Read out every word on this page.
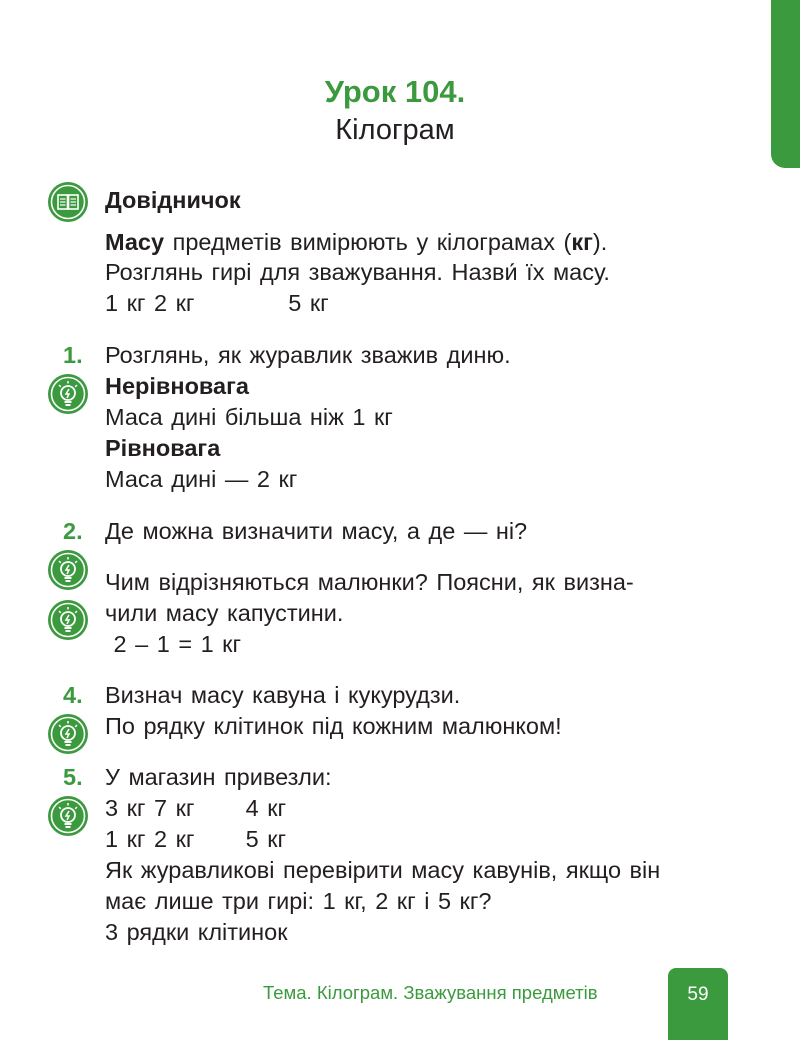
Урок 104.
Кілограм
Довідничок
Масу предметів вимірюють у кілограмах (кг).
Розглянь гирі для зважування. Назви́ їх масу.
1 кг 2 кг           5 кг
1. Розглянь, як журавлик зважив диню.
Нерівновага
Маса дині більша ніж 1 кг
Рівновага
Маса дині — 2 кг
2. Де можна визначити масу, а де — ні?
Чим відрізняються малюнки? Поясни, як визна-
чили масу капустини.
2 – 1 = 1 кг
4. Визнач масу кавуна і кукурудзи.
По рядку клітинок під кожним малюнком!
5. У магазин привезли:
3 кг 7 кг      4 кг
1 кг 2 кг      5 кг
Як журавликові перевірити масу кавунів, якщо він
має лише три гирі: 1 кг, 2 кг і 5 кг?
3 рядки клітинок
Тема. Кілограм. Зважування предметів	59
